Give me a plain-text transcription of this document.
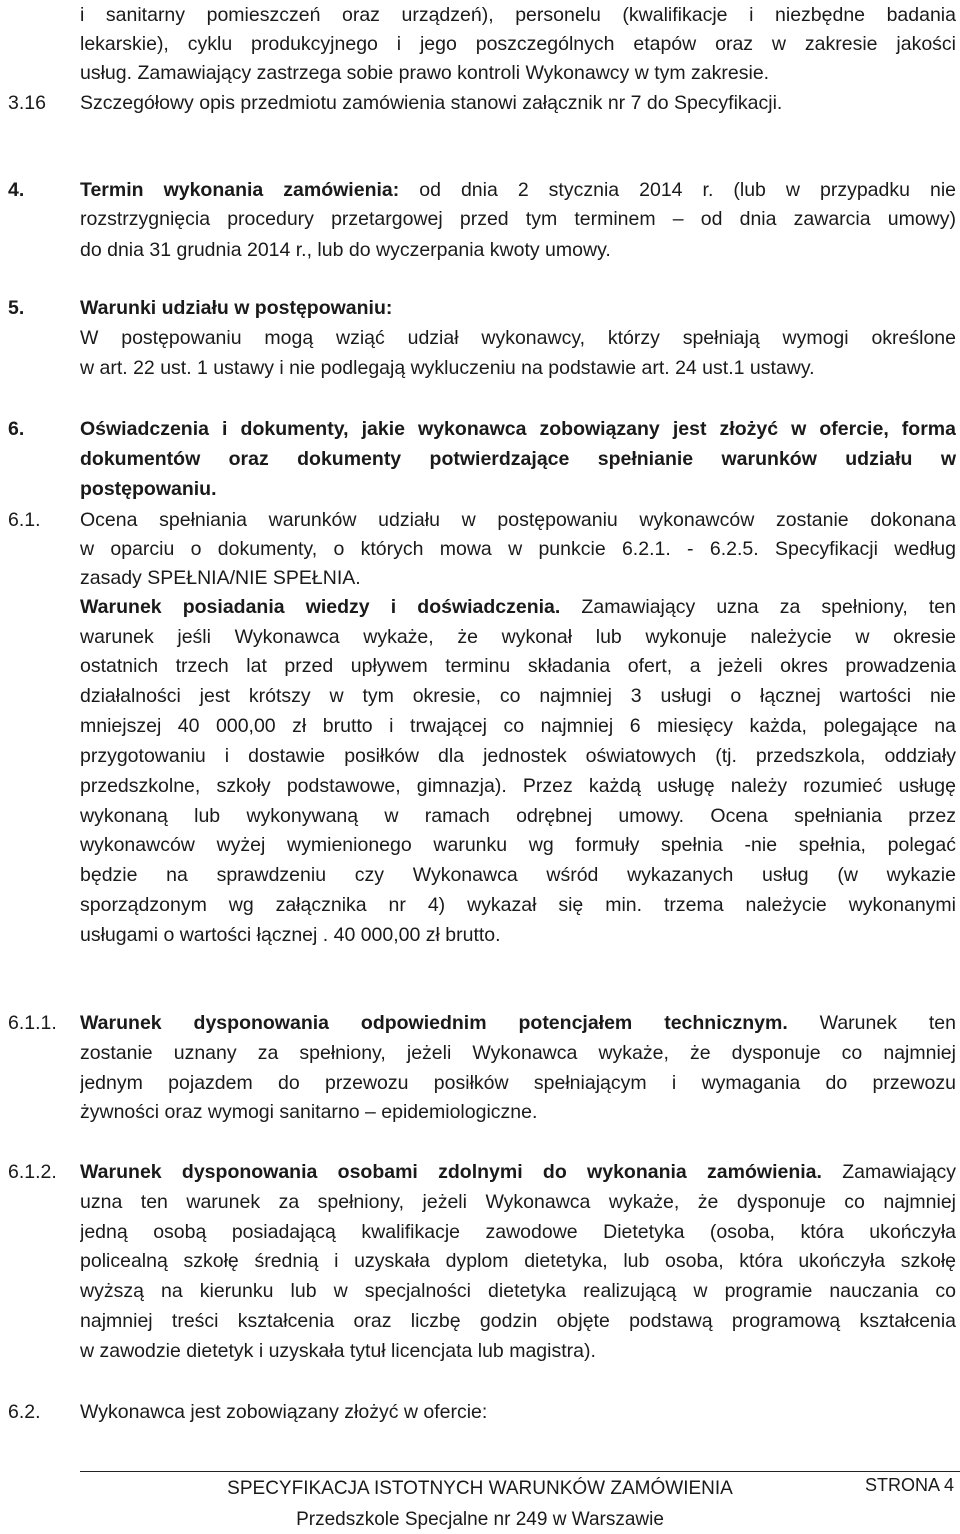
i sanitarny pomieszczeń oraz urządzeń), personelu (kwalifikacje i niezbędne badania
lekarskie), cyklu produkcyjnego i jego poszczególnych etapów oraz w zakresie jakości
usług. Zamawiający zastrzega sobie prawo kontroli Wykonawcy w tym zakresie.
3.16 Szczegółowy opis przedmiotu zamówienia stanowi załącznik nr 7 do Specyfikacji.
4.	Termin wykonania zamówienia: od dnia 2 stycznia 2014 r. (lub w przypadku nie
rozstrzygnięcia procedury przetargowej przed tym terminem – od dnia zawarcia umowy)
do dnia 31 grudnia 2014 r., lub do wyczerpania kwoty umowy.
5.	Warunki udziału w postępowaniu:
W postępowaniu mogą wziąć udział wykonawcy, którzy spełniają wymogi określone
w art. 22 ust. 1 ustawy i nie podlegają wykluczeniu na podstawie art. 24 ust.1 ustawy.
6.	Oświadczenia i dokumenty, jakie wykonawca zobowiązany jest złożyć w ofercie, forma
dokumentów oraz dokumenty potwierdzające spełnianie warunków udziału w
postępowaniu.
6.1. Ocena spełniania warunków udziału w postępowaniu wykonawców zostanie dokonana
w oparciu o dokumenty, o których mowa w punkcie 6.2.1. - 6.2.5. Specyfikacji według
zasady SPEŁNIA/NIE SPEŁNIA.
Warunek posiadania wiedzy i doświadczenia. Zamawiający uzna za spełniony, ten
warunek jeśli Wykonawca wykaże, że wykonał lub wykonuje należycie w okresie
ostatnich trzech lat przed upływem terminu składania ofert, a jeżeli okres prowadzenia
działalności jest krótszy w tym okresie, co najmniej 3 usługi o łącznej wartości nie
mniejszej 40 000,00 zł brutto i trwającej co najmniej 6 miesięcy każda, polegające na
przygotowaniu i dostawie posiłków dla jednostek oświatowych (tj. przedszkola, oddziały
przedszkolne, szkoły podstawowe, gimnazja). Przez każdą usługę należy rozumieć usługę
wykonaną lub wykonywaną w ramach odrębnej umowy. Ocena spełniania przez
wykonawców wyżej wymienionego warunku wg formuły spełnia -nie spełnia, polegać
będzie na sprawdzeniu czy Wykonawca wśród wykazanych usług (w wykazie
sporządzonym wg załącznika nr 4) wykazał się min. trzema należycie wykonanymi
usługami o wartości łącznej . 40 000,00 zł brutto.
6.1.1. Warunek dysponowania odpowiednim potencjałem technicznym. Warunek ten
zostanie uznany za spełniony, jeżeli Wykonawca wykaże, że dysponuje co najmniej
jednym pojazdem do przewozu posiłków spełniającym i wymagania do przewozu
żywności oraz wymogi sanitarno – epidemiologiczne.
6.1.2. Warunek dysponowania osobami zdolnymi do wykonania zamówienia. Zamawiający
uzna ten warunek za spełniony, jeżeli Wykonawca wykaże, że dysponuje co najmniej
jedną osobą posiadającą kwalifikacje zawodowe Dietetyka (osoba, która ukończyła
policealną szkołę średnią i uzyskała dyplom dietetyka, lub osoba, która ukończyła szkołę
wyższą na kierunku lub w specjalności dietetyka realizującą w programie nauczania co
najmniej treści kształcenia oraz liczbę godzin objęte podstawą programową kształcenia
w zawodzie dietetyk i uzyskała tytuł licencjata lub magistra).
6.2. Wykonawca jest zobowiązany złożyć w ofercie:
SPECYFIKACJA ISTOTNYCH WARUNKÓW ZAMÓWIENIA
Przedszkole Specjalne nr 249 w Warszawie
STRONA 4
